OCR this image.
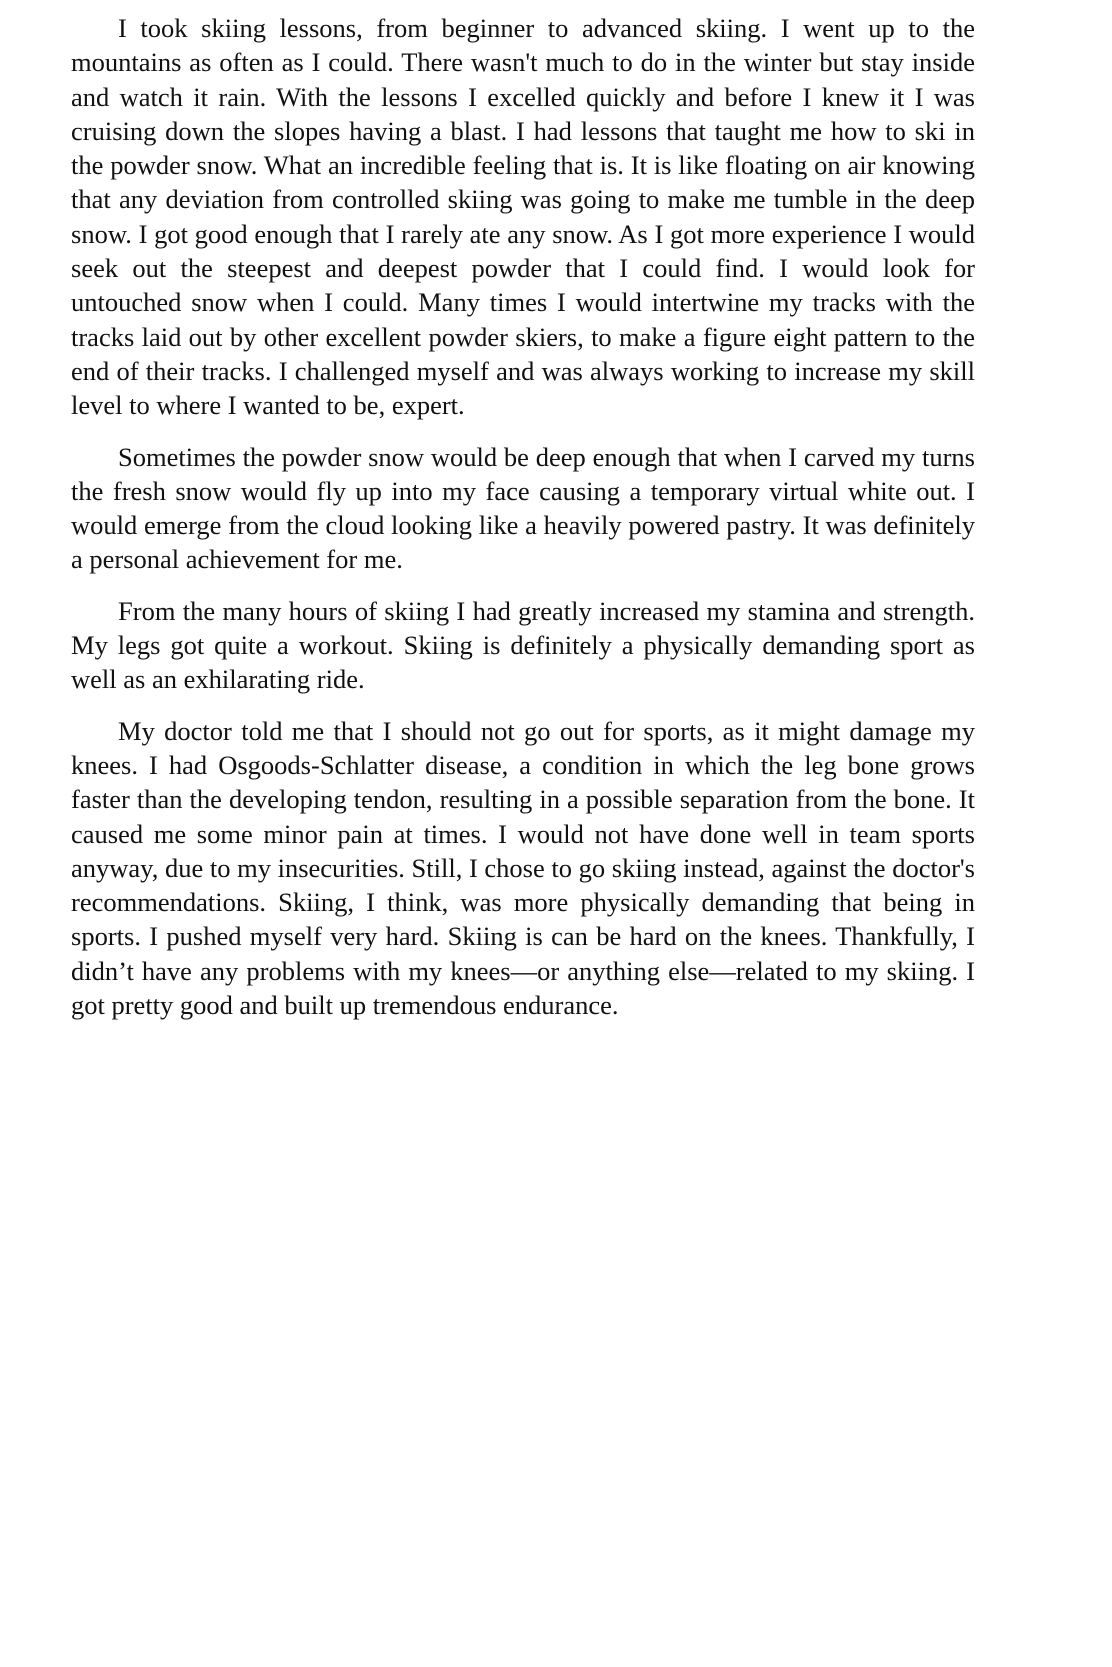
I took skiing lessons, from beginner to advanced skiing. I went up to the mountains as often as I could. There wasn't much to do in the winter but stay inside and watch it rain. With the lessons I excelled quickly and before I knew it I was cruising down the slopes having a blast. I had lessons that taught me how to ski in the powder snow. What an incredible feeling that is. It is like floating on air knowing that any deviation from controlled skiing was going to make me tumble in the deep snow. I got good enough that I rarely ate any snow. As I got more experience I would seek out the steepest and deepest powder that I could find. I would look for untouched snow when I could. Many times I would intertwine my tracks with the tracks laid out by other excellent powder skiers, to make a figure eight pattern to the end of their tracks. I challenged myself and was always working to increase my skill level to where I wanted to be, expert.

Sometimes the powder snow would be deep enough that when I carved my turns the fresh snow would fly up into my face causing a temporary virtual white out. I would emerge from the cloud looking like a heavily powered pastry. It was definitely a personal achievement for me.

From the many hours of skiing I had greatly increased my stamina and strength. My legs got quite a workout. Skiing is definitely a physically demanding sport as well as an exhilarating ride.

My doctor told me that I should not go out for sports, as it might damage my knees. I had Osgoods-Schlatter disease, a condition in which the leg bone grows faster than the developing tendon, resulting in a possible separation from the bone. It caused me some minor pain at times. I would not have done well in team sports anyway, due to my insecurities. Still, I chose to go skiing instead, against the doctor's recommendations. Skiing, I think, was more physically demanding that being in sports. I pushed myself very hard. Skiing is can be hard on the knees. Thankfully, I didn’t have any problems with my knees—or anything else—related to my skiing. I got pretty good and built up tremendous endurance.
